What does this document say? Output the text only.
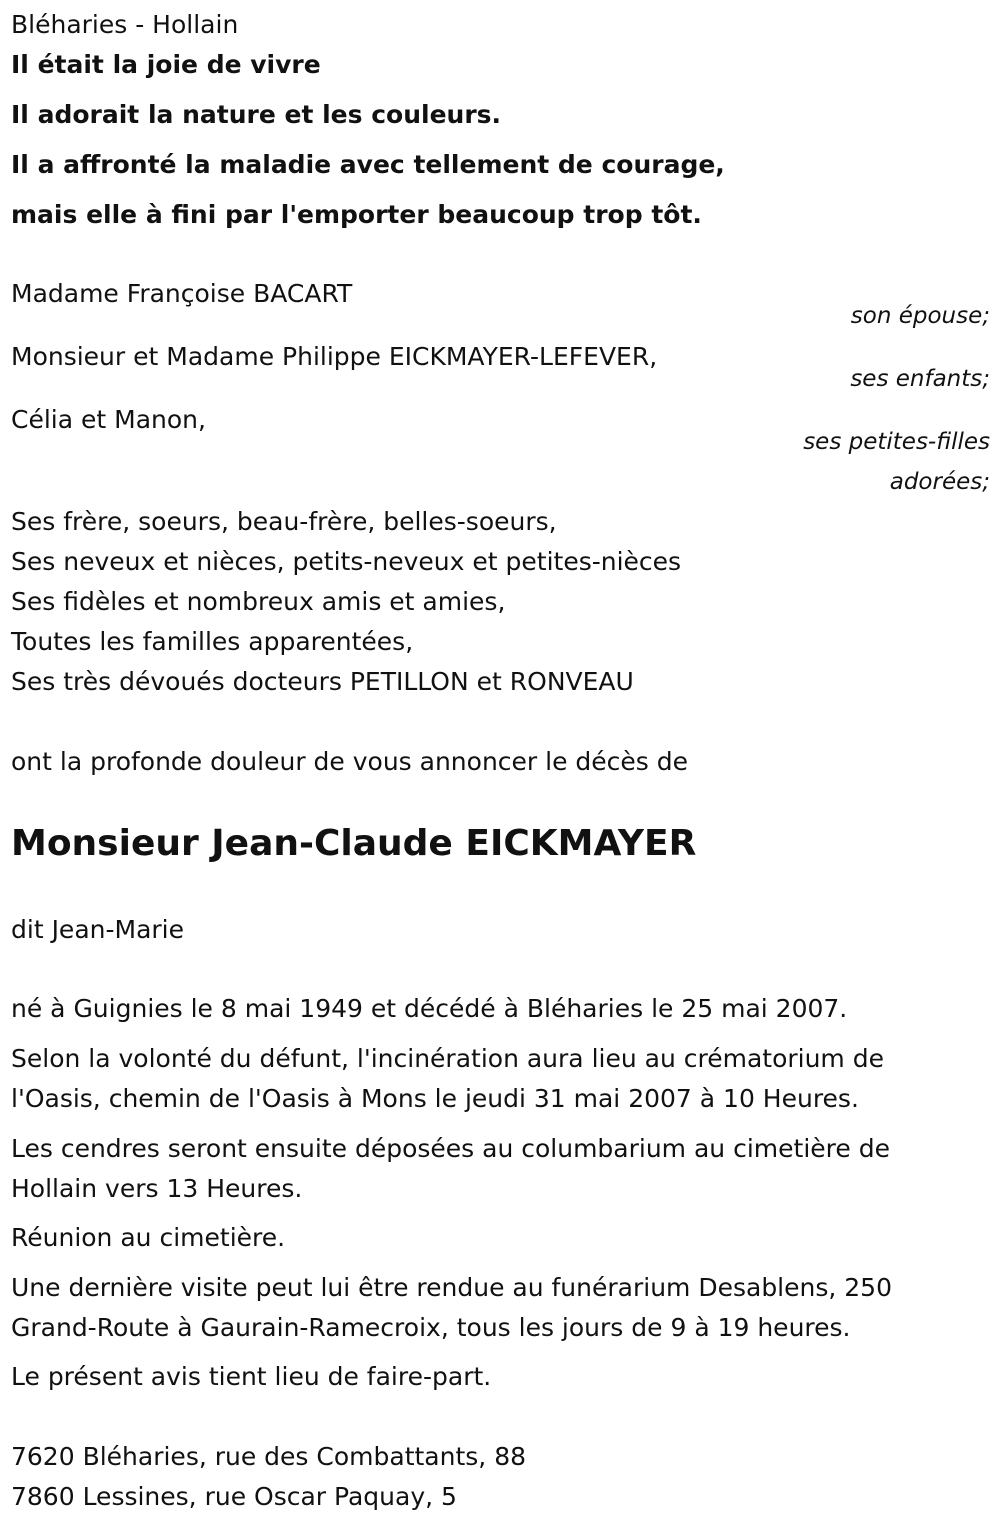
Bléharies - Hollain
Il était la joie de vivre
Il adorait la nature et les couleurs.
Il a affronté la maladie avec tellement de courage,
mais elle à fini par l'emporter beaucoup trop tôt.
Madame Françoise BACART
son épouse;
Monsieur et Madame Philippe EICKMAYER-LEFEVER,
ses enfants;
Célia et Manon,
ses petites-filles
adorées;
Ses frère, soeurs, beau-frère, belles-soeurs,
Ses neveux et nièces, petits-neveux et petites-nièces
Ses fidèles et nombreux amis et amies,
Toutes les familles apparentées,
Ses très dévoués docteurs PETILLON et RONVEAU
ont la profonde douleur de vous annoncer le décès de
Monsieur Jean-Claude EICKMAYER
dit Jean-Marie
né à Guignies le 8 mai 1949 et décédé à Bléharies le 25 mai 2007.
Selon la volonté du défunt, l'incinération aura lieu au crématorium de
l'Oasis, chemin de l'Oasis à Mons le jeudi 31 mai 2007 à 10 Heures.
Les cendres seront ensuite déposées au columbarium au cimetière de
Hollain vers 13 Heures.
Réunion au cimetière.
Une dernière visite peut lui être rendue au funérarium Desablens, 250
Grand-Route à Gaurain-Ramecroix, tous les jours de 9 à 19 heures.
Le présent avis tient lieu de faire-part.
7620 Bléharies, rue des Combattants, 88
7860 Lessines, rue Oscar Paquay, 5
